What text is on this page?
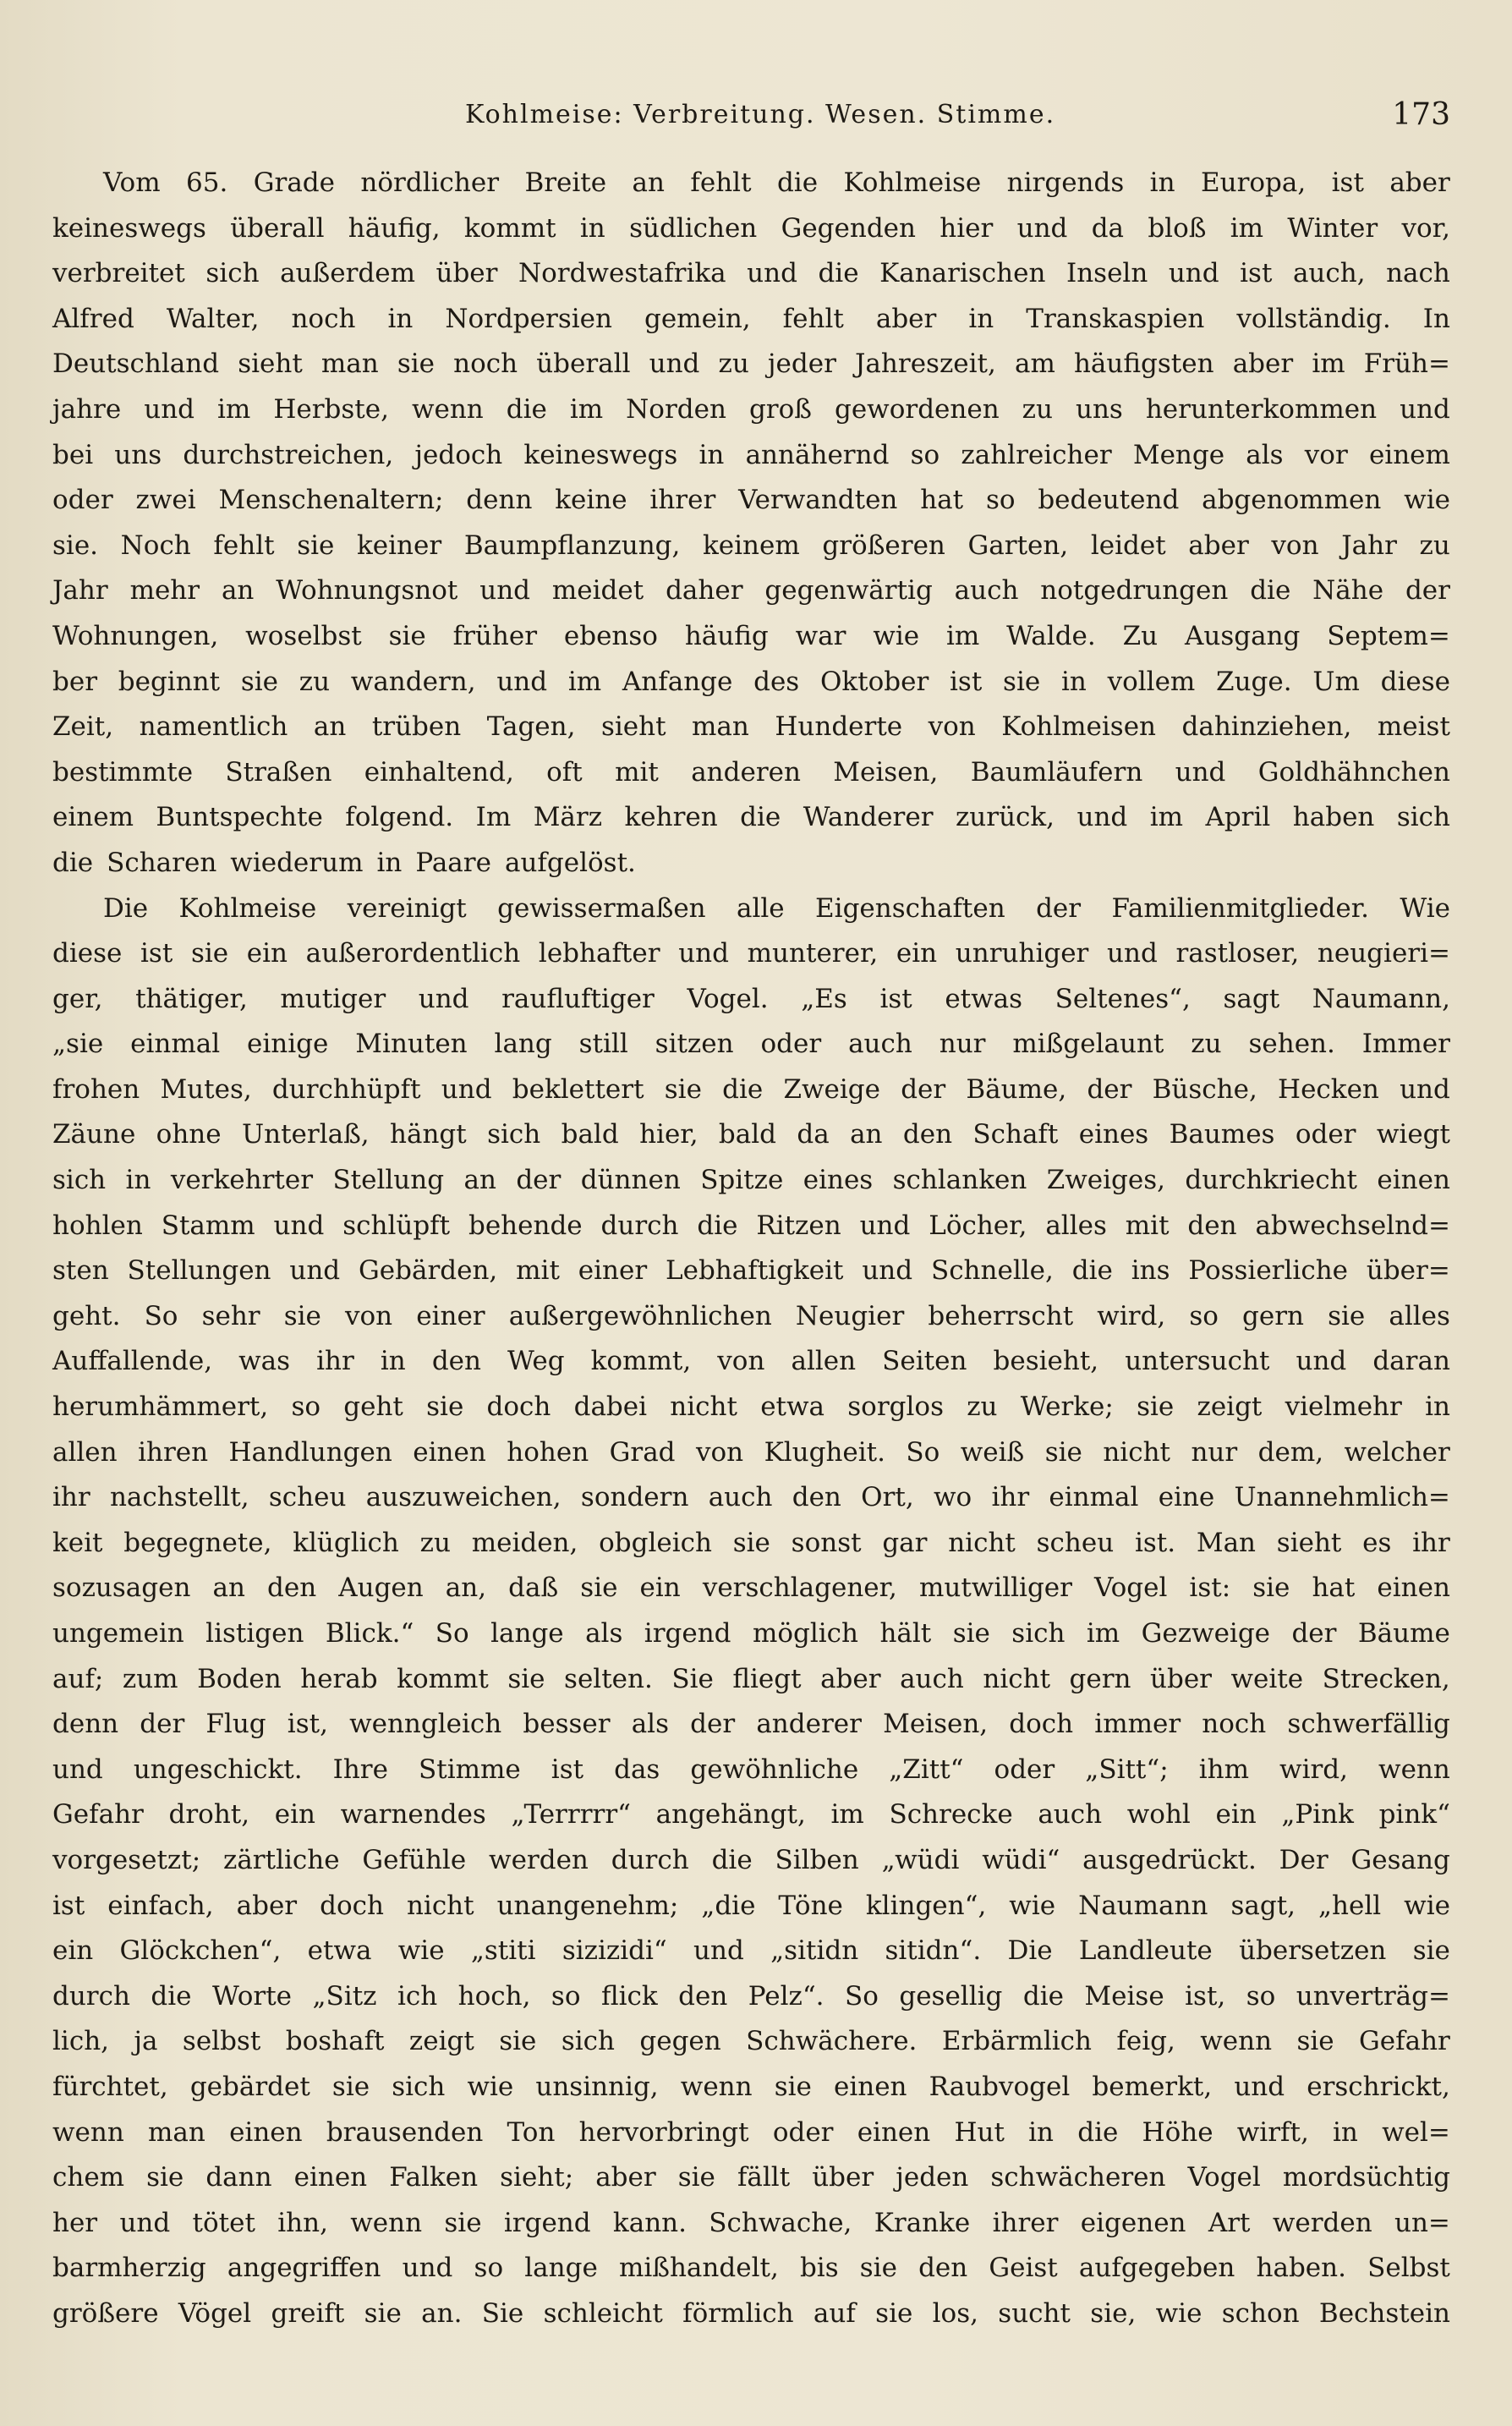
Kohlmeise: Verbreitung. Wesen. Stimme.	173
Vom 65. Grade nördlicher Breite an fehlt die Kohlmeise nirgends in Europa, ist aber
keineswegs überall häufig, kommt in südlichen Gegenden hier und da bloß im Winter vor,
verbreitet sich außerdem über Nordwestafrika und die Kanarischen Inseln und ist auch, nach
Alfred Walter, noch in Nordpersien gemein, fehlt aber in Transkaspien vollständig. In
Deutschland sieht man sie noch überall und zu jeder Jahreszeit, am häufigsten aber im Früh=
jahre und im Herbste, wenn die im Norden groß gewordenen zu uns herunterkommen und
bei uns durchstreichen, jedoch keineswegs in annähernd so zahlreicher Menge als vor einem
oder zwei Menschenaltern; denn keine ihrer Verwandten hat so bedeutend abgenommen wie
sie. Noch fehlt sie keiner Baumpflanzung, keinem größeren Garten, leidet aber von Jahr zu
Jahr mehr an Wohnungsnot und meidet daher gegenwärtig auch notgedrungen die Nähe der
Wohnungen, woselbst sie früher ebenso häufig war wie im Walde. Zu Ausgang Septem=
ber beginnt sie zu wandern, und im Anfange des Oktober ist sie in vollem Zuge. Um diese
Zeit, namentlich an trüben Tagen, sieht man Hunderte von Kohlmeisen dahinziehen, meist
bestimmte Straßen einhaltend, oft mit anderen Meisen, Baumläufern und Goldhähnchen
einem Buntspechte folgend. Im März kehren die Wanderer zurück, und im April haben sich
die Scharen wiederum in Paare aufgelöst.
Die Kohlmeise vereinigt gewissermaßen alle Eigenschaften der Familienmitglieder. Wie
diese ist sie ein außerordentlich lebhafter und munterer, ein unruhiger und rastloser, neugieri=
ger, thätiger, mutiger und raufluftiger Vogel. „Es ist etwas Seltenes“, sagt Naumann,
„sie einmal einige Minuten lang still sitzen oder auch nur mißgelaunt zu sehen. Immer
frohen Mutes, durchhüpft und beklettert sie die Zweige der Bäume, der Büsche, Hecken und
Zäune ohne Unterlaß, hängt sich bald hier, bald da an den Schaft eines Baumes oder wiegt
sich in verkehrter Stellung an der dünnen Spitze eines schlanken Zweiges, durchkriecht einen
hohlen Stamm und schlüpft behende durch die Ritzen und Löcher, alles mit den abwechselnd=
sten Stellungen und Gebärden, mit einer Lebhaftigkeit und Schnelle, die ins Possierliche über=
geht. So sehr sie von einer außergewöhnlichen Neugier beherrscht wird, so gern sie alles
Auffallende, was ihr in den Weg kommt, von allen Seiten besieht, untersucht und daran
herumhämmert, so geht sie doch dabei nicht etwa sorglos zu Werke; sie zeigt vielmehr in
allen ihren Handlungen einen hohen Grad von Klugheit. So weiß sie nicht nur dem, welcher
ihr nachstellt, scheu auszuweichen, sondern auch den Ort, wo ihr einmal eine Unannehmlich=
keit begegnete, klüglich zu meiden, obgleich sie sonst gar nicht scheu ist. Man sieht es ihr
sozusagen an den Augen an, daß sie ein verschlagener, mutwilliger Vogel ist: sie hat einen
ungemein listigen Blick.“ So lange als irgend möglich hält sie sich im Gezweige der Bäume
auf; zum Boden herab kommt sie selten. Sie fliegt aber auch nicht gern über weite Strecken,
denn der Flug ist, wenngleich besser als der anderer Meisen, doch immer noch schwerfällig
und ungeschickt. Ihre Stimme ist das gewöhnliche „Zitt“ oder „Sitt“; ihm wird, wenn
Gefahr droht, ein warnendes „Terrrrr“ angehängt, im Schrecke auch wohl ein „Pink pink“
vorgesetzt; zärtliche Gefühle werden durch die Silben „wüdi wüdi“ ausgedrückt. Der Gesang
ist einfach, aber doch nicht unangenehm; „die Töne klingen“, wie Naumann sagt, „hell wie
ein Glöckchen“, etwa wie „stiti sizizidi“ und „sitidn sitidn“. Die Landleute übersetzen sie
durch die Worte „Sitz ich hoch, so flick den Pelz“. So gesellig die Meise ist, so unverträg=
lich, ja selbst boshaft zeigt sie sich gegen Schwächere. Erbärmlich feig, wenn sie Gefahr
fürchtet, gebärdet sie sich wie unsinnig, wenn sie einen Raubvogel bemerkt, und erschrickt,
wenn man einen brausenden Ton hervorbringt oder einen Hut in die Höhe wirft, in wel=
chem sie dann einen Falken sieht; aber sie fällt über jeden schwächeren Vogel mordsüchtig
her und tötet ihn, wenn sie irgend kann. Schwache, Kranke ihrer eigenen Art werden un=
barmherzig angegriffen und so lange mißhandelt, bis sie den Geist aufgegeben haben. Selbst
größere Vögel greift sie an. Sie schleicht förmlich auf sie los, sucht sie, wie schon Bechstein
